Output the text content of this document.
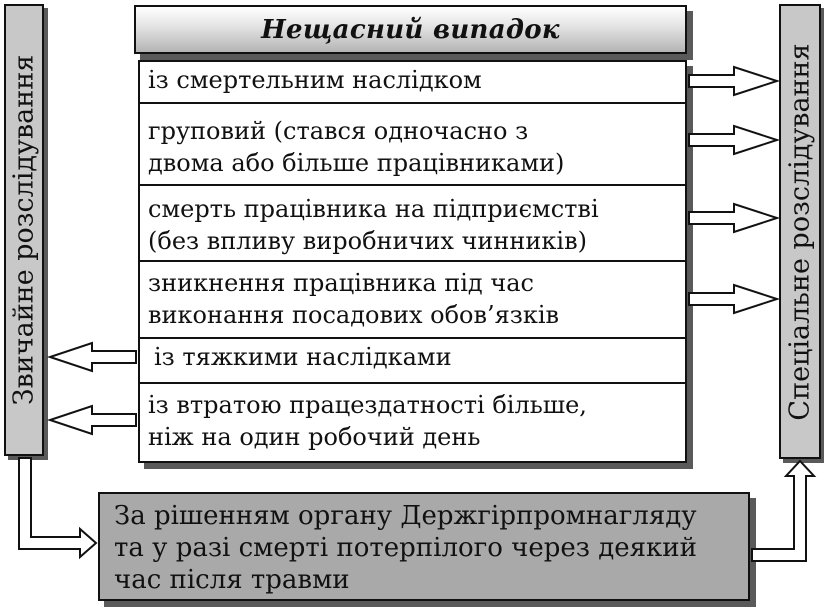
Звичайне розслідування	Спеціальне розслідування
Нещасний випадок
із смертельним наслідком
груповий (стався одночасно з
двома або більше працівниками)
смерть працівника на підприємстві
(без впливу виробничих чинників)
зникнення працівника під час
виконання посадових обов’язків
із тяжкими наслідками
із втратою працездатності більше,
ніж на один робочий день
За рішенням органу Держгірпромнагляду
та у разі смерті потерпілого через деякий
час після травми
